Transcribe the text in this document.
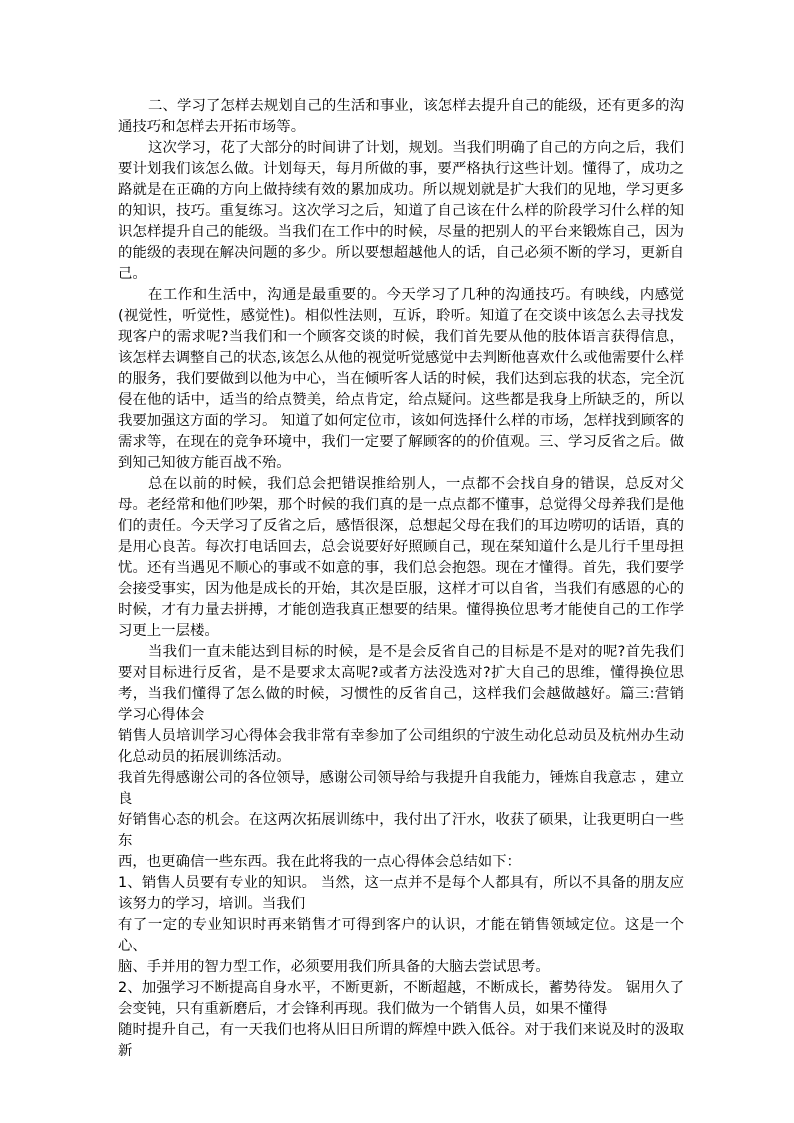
二、学习了怎样去规划自己的生活和事业，该怎样去提升自己的能级，还有更多的沟通技巧和怎样去开拓市场等。

这次学习，花了大部分的时间讲了计划，规划。当我们明确了自己的方向之后，我们要计划我们该怎么做。计划每天，每月所做的事，要严格执行这些计划。懂得了，成功之路就是在正确的方向上做持续有效的累加成功。所以规划就是扩大我们的见地，学习更多的知识，技巧。重复练习。这次学习之后，知道了自己该在什么样的阶段学习什么样的知识怎样提升自己的能级。当我们在工作中的时候，尽量的把别人的平台来锻炼自己，因为的能级的表现在解决问题的多少。所以要想超越他人的话，自己必须不断的学习，更新自己。

在工作和生活中，沟通是最重要的。今天学习了几种的沟通技巧。有映线，内感觉(视觉性，听觉性，感觉性)。相似性法则，互诉，聆听。知道了在交谈中该怎么去寻找发现客户的需求呢?当我们和一个顾客交谈的时候，我们首先要从他的肢体语言获得信息，该怎样去调整自己的状态,该怎么从他的视觉听觉感觉中去判断他喜欢什么或他需要什么样的服务，我们要做到以他为中心，当在倾听客人话的时候，我们达到忘我的状态，完全沉侵在他的话中，适当的给点赞美，给点肯定，给点疑问。这些都是我身上所缺乏的，所以我要加强这方面的学习。 知道了如何定位市，该如何选择什么样的市场，怎样找到顾客的需求等，在现在的竞争环境中，我们一定要了解顾客的的价值观。三、学习反省之后。做到知己知彼方能百战不殆。

总在以前的时候，我们总会把错误推给别人，一点都不会找自身的错误，总反对父母。老经常和他们吵架，那个时候的我们真的是一点点都不懂事，总觉得父母养我们是他们的责任。今天学习了反省之后，感悟很深，总想起父母在我们的耳边唠叨的话语，真的是用心良苦。每次打电话回去，总会说要好好照顾自己，现在栞知道什么是儿行千里母担忧。还有当遇见不顺心的事或不如意的事，我们总会抱怨。现在才懂得。首先，我们要学会接受事实，因为他是成长的开始，其次是臣服，这样才可以自省，当我们有感恩的心的时候，才有力量去拼搏，才能创造我真正想要的结果。懂得换位思考才能使自己的工作学习更上一层楼。

当我们一直未能达到目标的时候，是不是会反省自己的目标是不是对的呢?首先我们要对目标进行反省，是不是要求太高呢?或者方法没选对?扩大自己的思维，懂得换位思考，当我们懂得了怎么做的时候，习惯性的反省自己，这样我们会越做越好。篇三:营销学习心得体会

销售人员培训学习心得体会我非常有幸参加了公司组织的宁波生动化总动员及杭州办生动化总动员的拓展训练活动。

我首先得感谢公司的各位领导，感谢公司领导给与我提升自我能力，锤炼自我意志 ，建立良

好销售心态的机会。在这两次拓展训练中，我付出了汗水，收获了硕果，让我更明白一些东

西，也更确信一些东西。我在此将我的一点心得体会总结如下：

1、销售人员要有专业的知识。 当然，这一点并不是每个人都具有，所以不具备的朋友应该努力的学习，培训。当我们

有了一定的专业知识时再来销售才可得到客户的认识，才能在销售领域定位。这是一个心、

脑、手并用的智力型工作，必须要用我们所具备的大脑去尝试思考。

2、加强学习不断提高自身水平，不断更新，不断超越，不断成长，蓄势待发。 锯用久了会变钝，只有重新磨后，才会锋利再现。我们做为一个销售人员，如果不懂得

随时提升自己，有一天我们也将从旧日所谓的辉煌中跌入低谷。对于我们来说及时的汲取新
